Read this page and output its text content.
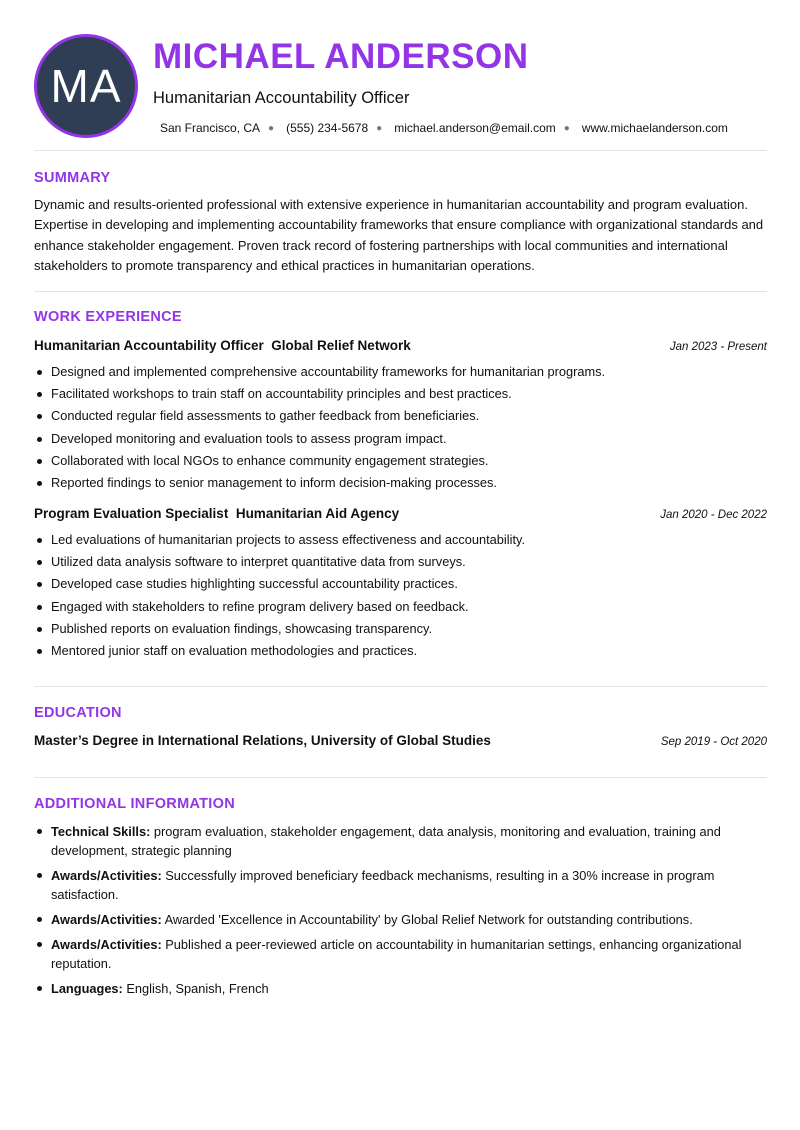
MA
MICHAEL ANDERSON
Humanitarian Accountability Officer
San Francisco, CA ● (555) 234-5678 ● michael.anderson@email.com ● www.michaelanderson.com
SUMMARY

Dynamic and results-oriented professional with extensive experience in humanitarian accountability and program evaluation. Expertise in developing and implementing accountability frameworks that ensure compliance with organizational standards and enhance stakeholder engagement. Proven track record of fostering partnerships with local communities and international stakeholders to promote transparency and ethical practices in humanitarian operations.

WORK EXPERIENCE
Humanitarian Accountability Officer  Global Relief Network	Jan 2023 - Present
Designed and implemented comprehensive accountability frameworks for humanitarian programs.
Facilitated workshops to train staff on accountability principles and best practices.
Conducted regular field assessments to gather feedback from beneficiaries.
Developed monitoring and evaluation tools to assess program impact.
Collaborated with local NGOs to enhance community engagement strategies.
Reported findings to senior management to inform decision-making processes.
Program Evaluation Specialist  Humanitarian Aid Agency	Jan 2020 - Dec 2022
Led evaluations of humanitarian projects to assess effectiveness and accountability.
Utilized data analysis software to interpret quantitative data from surveys.
Developed case studies highlighting successful accountability practices.
Engaged with stakeholders to refine program delivery based on feedback.
Published reports on evaluation findings, showcasing transparency.
Mentored junior staff on evaluation methodologies and practices.
EDUCATION
Master’s Degree in International Relations, University of Global Studies	Sep 2019 - Oct 2020
ADDITIONAL INFORMATION
Technical Skills: program evaluation, stakeholder engagement, data analysis, monitoring and evaluation, training and development, strategic planning
Awards/Activities: Successfully improved beneficiary feedback mechanisms, resulting in a 30% increase in program satisfaction.
Awards/Activities: Awarded 'Excellence in Accountability' by Global Relief Network for outstanding contributions.
Awards/Activities: Published a peer-reviewed article on accountability in humanitarian settings, enhancing organizational reputation.
Languages: English, Spanish, French
